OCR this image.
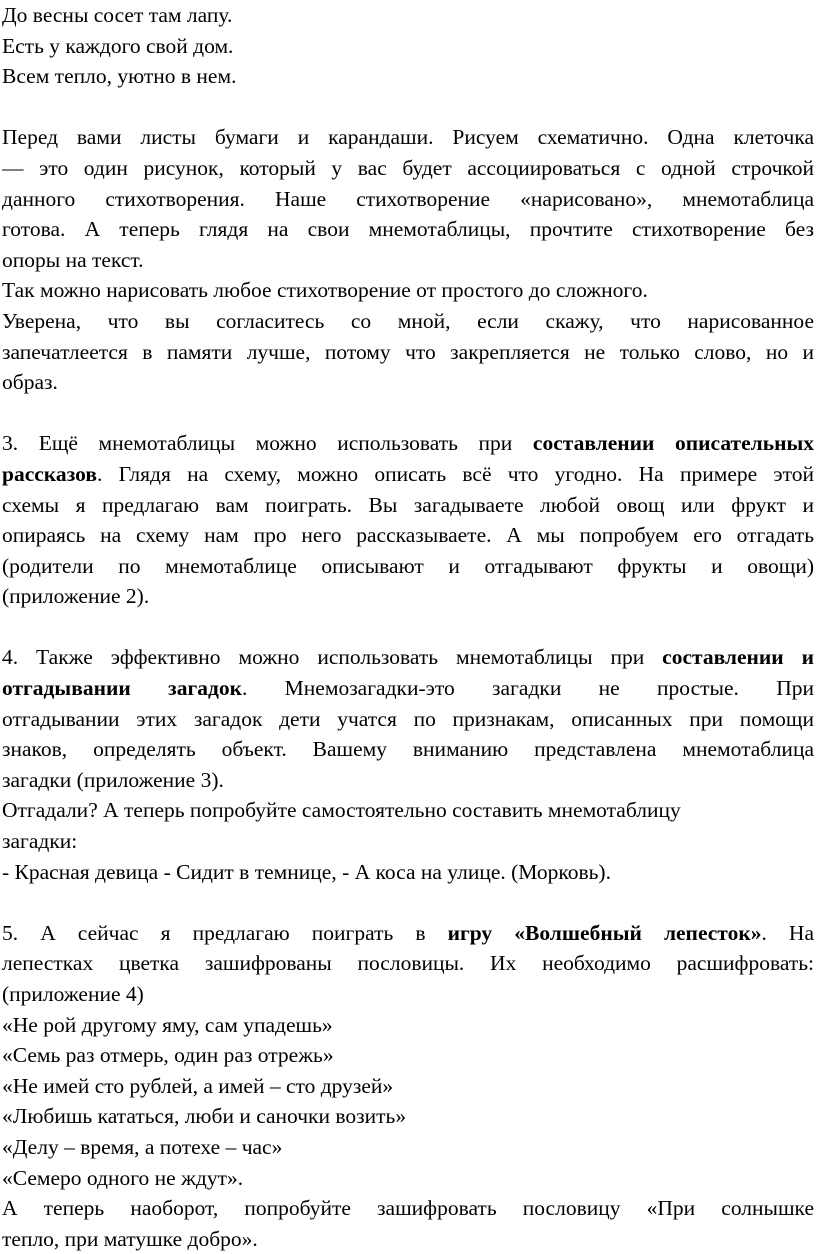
До весны сосет там лапу.
Есть у каждого свой дом.
Всем тепло, уютно в нем.
Перед вами листы бумаги и карандаши. Рисуем схематично. Одна клеточка
— это один рисунок, который у вас будет ассоциироваться с одной строчкой
данного стихотворения. Наше стихотворение «нарисовано», мнемотаблица
готова. А теперь глядя на свои мнемотаблицы, прочтите стихотворение без
опоры на текст.
Так можно нарисовать любое стихотворение от простого до сложного.
Уверена, что вы согласитесь со мной, если скажу, что нарисованное
запечатлеется в памяти лучше, потому что закрепляется не только слово, но и
образ.
3. Ещё мнемотаблицы можно использовать при составлении описательных
рассказов. Глядя на схему, можно описать всё что угодно. На примере этой
схемы я предлагаю вам поиграть. Вы загадываете любой овощ или фрукт и
опираясь на схему нам про него рассказываете. А мы попробуем его отгадать
(родители по мнемотаблице описывают и отгадывают фрукты и овощи)
(приложение 2).
4. Также эффективно можно использовать мнемотаблицы при составлении и
отгадывании загадок. Мнемозагадки-это загадки не простые. При
отгадывании этих загадок дети учатся по признакам, описанных при помощи
знаков, определять объект. Вашему вниманию представлена мнемотаблица
загадки (приложение 3).
Отгадали? А теперь попробуйте самостоятельно составить мнемотаблицу
загадки:
- Красная девица - Сидит в темнице, - А коса на улице. (Морковь).
5. А сейчас я предлагаю поиграть в игру «Волшебный лепесток». На
лепестках цветка зашифрованы пословицы. Их необходимо расшифровать:
(приложение 4)
«Не рой другому яму, сам упадешь»
«Семь раз отмерь, один раз отрежь»
«Не имей сто рублей, а имей – сто друзей»
«Любишь кататься, люби и саночки возить»
«Делу – время, а потехе – час»
«Семеро одного не ждут».
А теперь наоборот, попробуйте зашифровать пословицу «При солнышке
тепло, при матушке добро».
